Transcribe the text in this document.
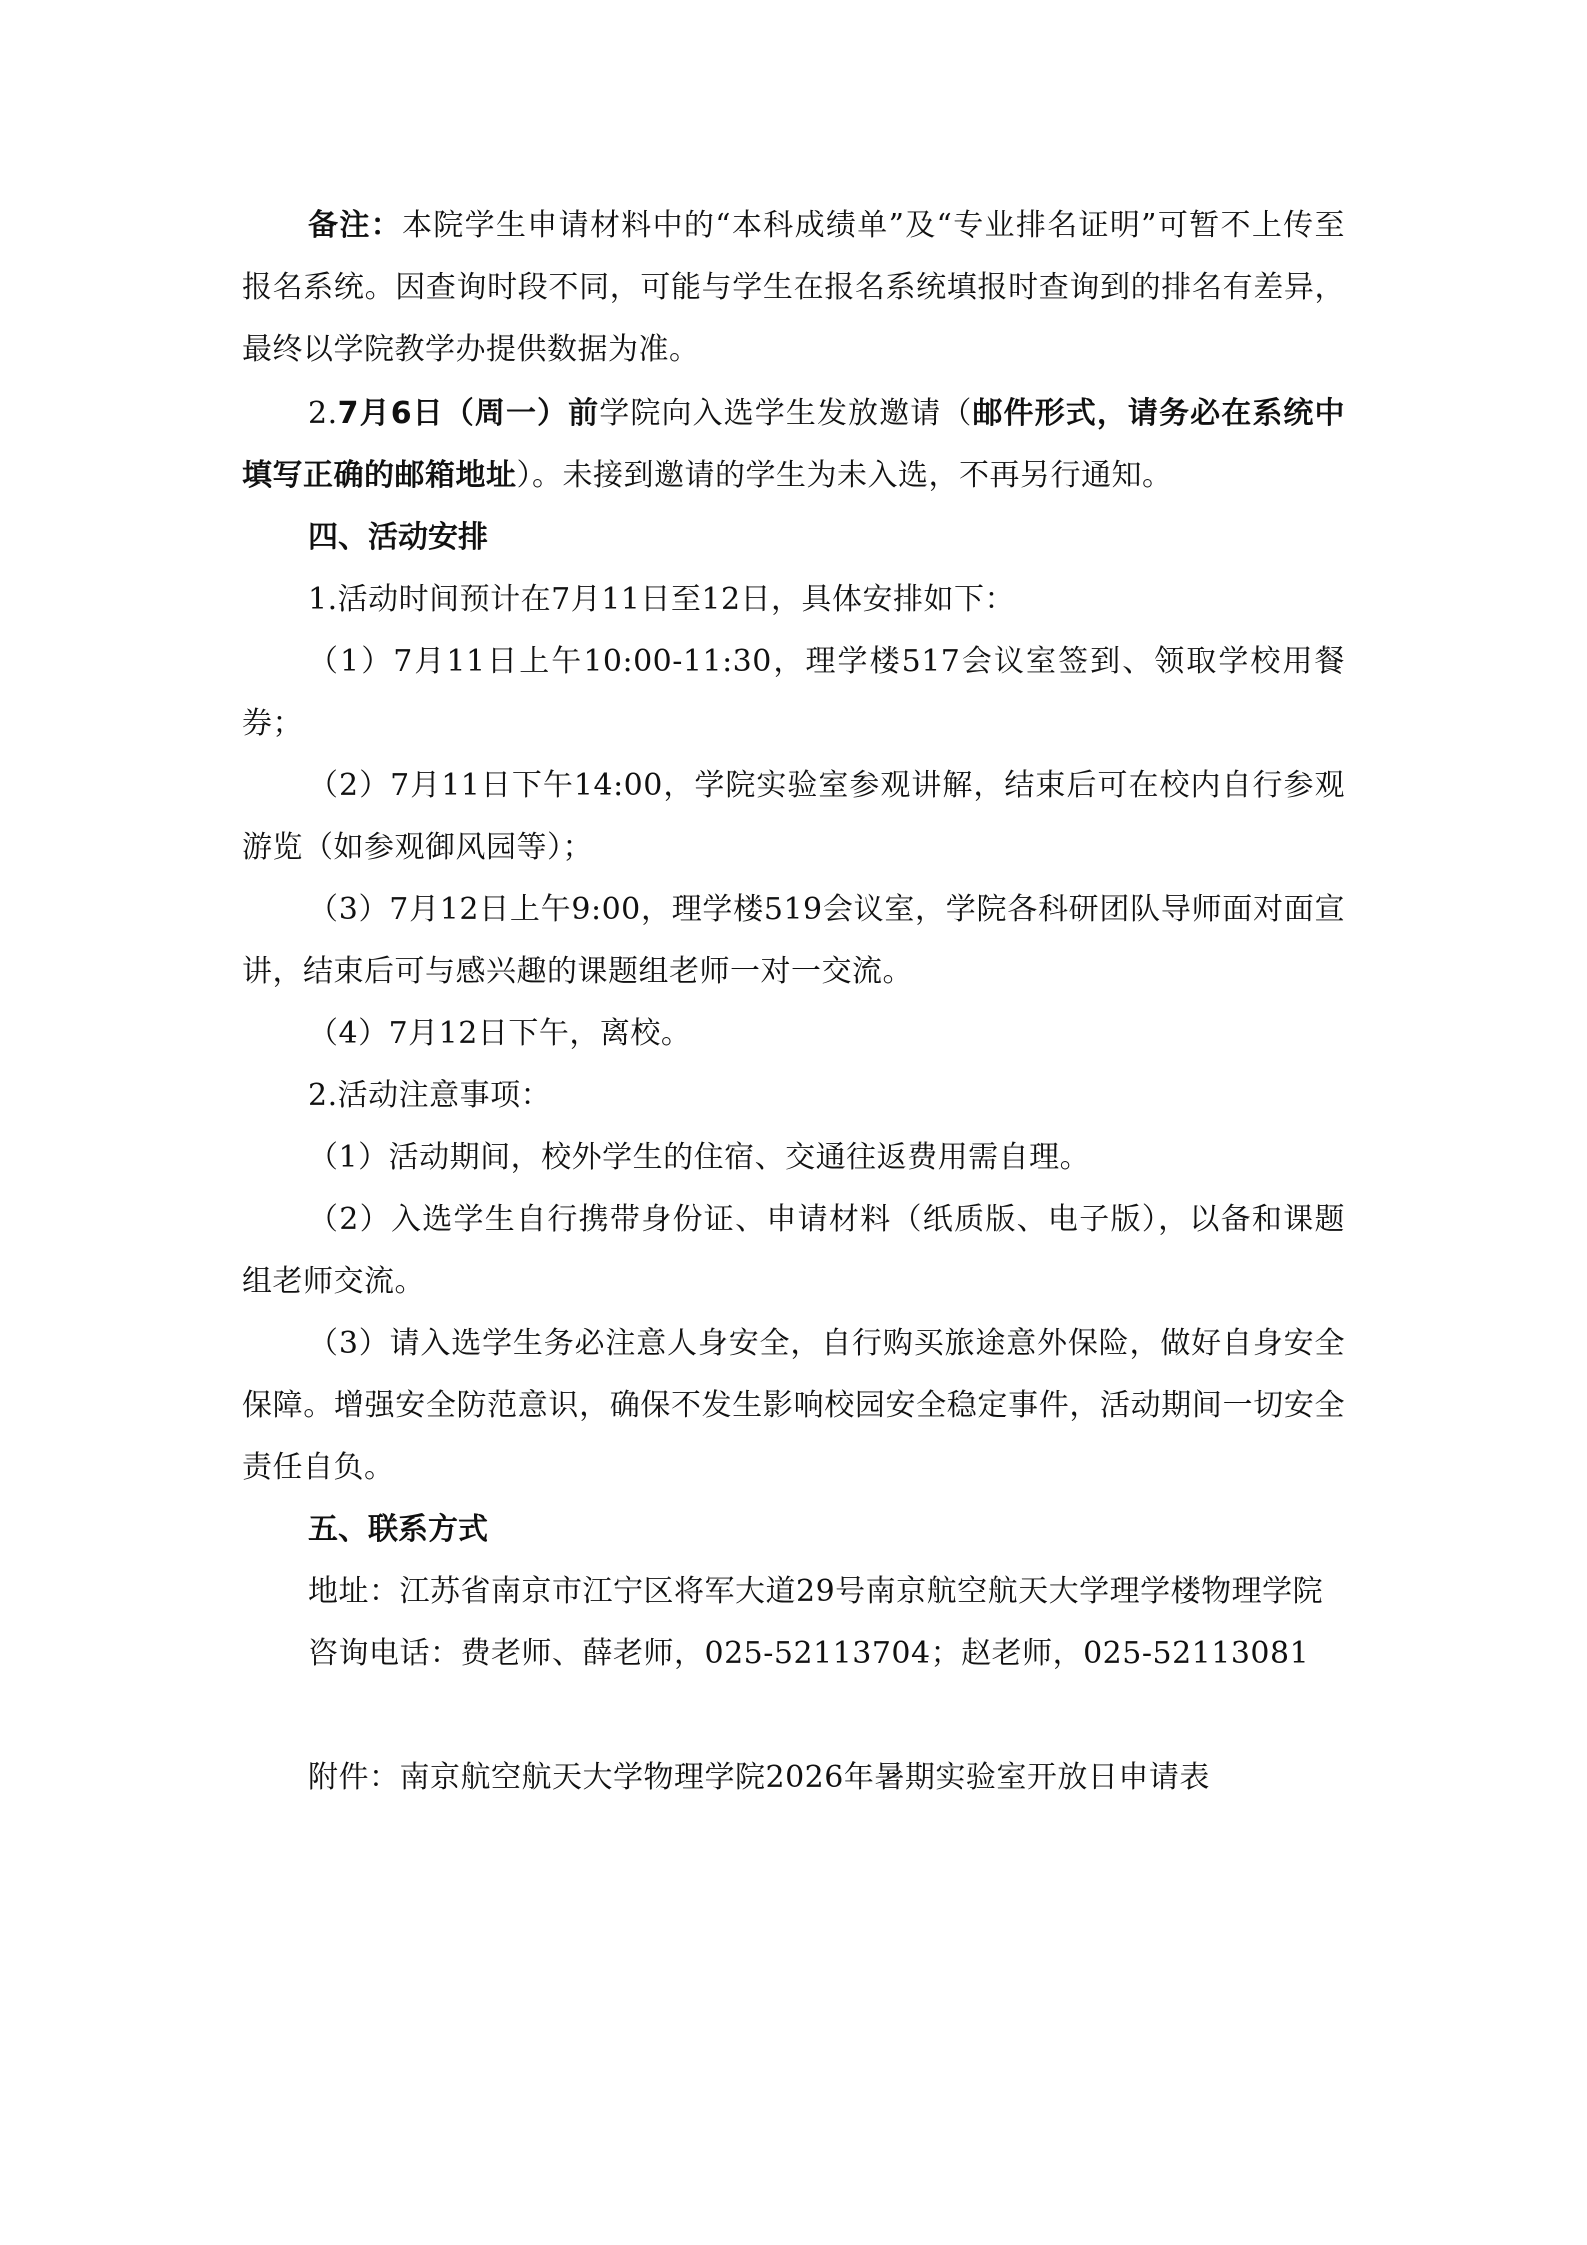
备注：本院学生申请材料中的“本科成绩单”及“专业排名证明”可暂不上传至报名系统。因查询时段不同，可能与学生在报名系统填报时查询到的排名有差异，最终以学院教学办提供数据为准。

2.7月6日（周一）前学院向入选学生发放邀请（邮件形式，请务必在系统中填写正确的邮箱地址）。未接到邀请的学生为未入选，不再另行通知。

四、活动安排

1.活动时间预计在7月11日至12日，具体安排如下：

（1）7月11日上午10:00-11:30，理学楼517会议室签到、领取学校用餐券；

（2）7月11日下午14:00，学院实验室参观讲解，结束后可在校内自行参观游览（如参观御风园等）；

（3）7月12日上午9:00，理学楼519会议室，学院各科研团队导师面对面宣讲，结束后可与感兴趣的课题组老师一对一交流。

（4）7月12日下午，离校。

2.活动注意事项：

（1）活动期间，校外学生的住宿、交通往返费用需自理。

（2）入选学生自行携带身份证、申请材料（纸质版、电子版），以备和课题组老师交流。

（3）请入选学生务必注意人身安全，自行购买旅途意外保险，做好自身安全保障。增强安全防范意识，确保不发生影响校园安全稳定事件，活动期间一切安全责任自负。

五、联系方式

地址：江苏省南京市江宁区将军大道29号南京航空航天大学理学楼物理学院

咨询电话：费老师、薛老师，025-52113704；赵老师，025-52113081

附件：南京航空航天大学物理学院2026年暑期实验室开放日申请表
